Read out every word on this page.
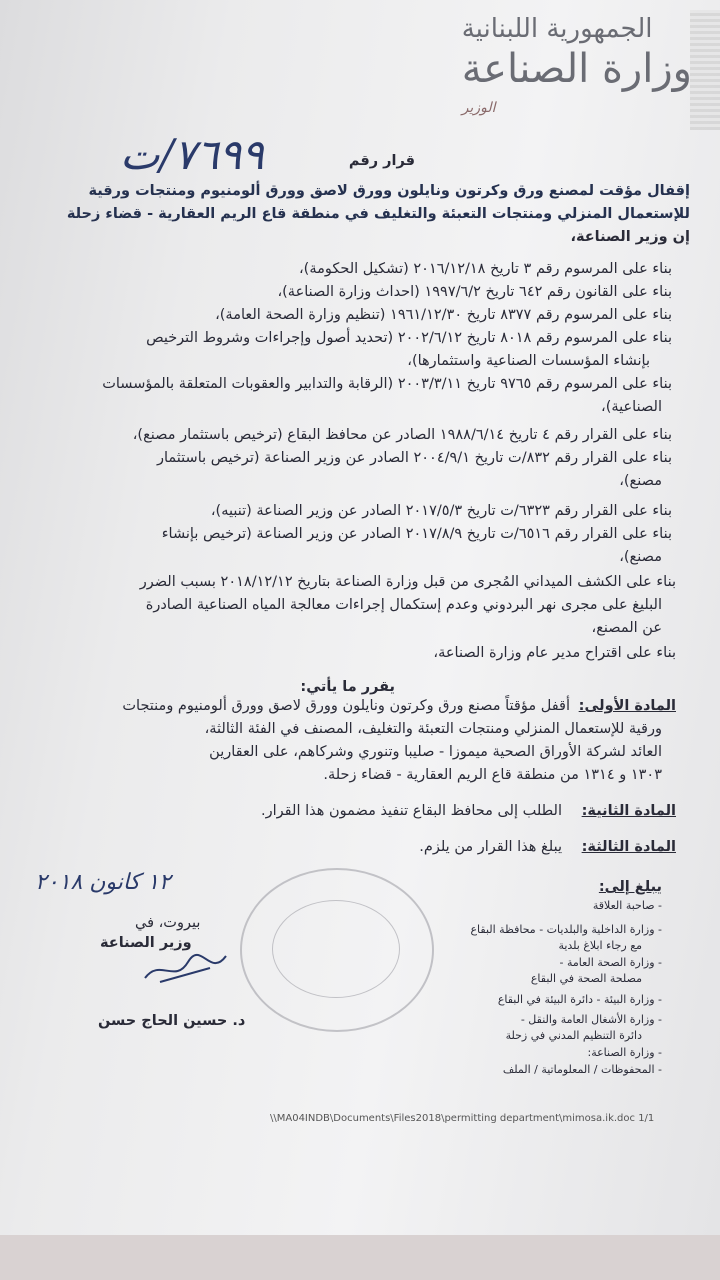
الجمهورية اللبنانية
وزارة الصناعة
الوزير
قرار رقم
٧٦٩٩/ت
إقفال مؤقت لمصنع ورق وكرتون ونايلون وورق لاصق وورق ألومنيوم ومنتجات ورقية
للإستعمال المنزلي ومنتجات التعبئة والتغليف في منطقة قاع الريم العقارية - قضاء زحلة
إن وزير الصناعة،
بناء على المرسوم رقم ٣ تاريخ ٢٠١٦/١٢/١٨ (تشكيل الحكومة)،
بناء على القانون رقم ٦٤٢ تاريخ ١٩٩٧/٦/٢ (احداث وزارة الصناعة)،
بناء على المرسوم رقم ٨٣٧٧ تاريخ ١٩٦١/١٢/٣٠ (تنظيم وزارة الصحة العامة)،
بناء على المرسوم رقم ٨٠١٨ تاريخ ٢٠٠٢/٦/١٢ (تحديد أصول وإجراءات وشروط الترخيص
بإنشاء المؤسسات الصناعية واستثمارها)،
بناء على المرسوم رقم ٩٧٦٥ تاريخ ٢٠٠٣/٣/١١ (الرقابة والتدابير والعقوبات المتعلقة بالمؤسسات
الصناعية)،
بناء على القرار رقم ٤ تاريخ ١٩٨٨/٦/١٤ الصادر عن محافظ البقاع (ترخيص باستثمار مصنع)،
بناء على القرار رقم ٨٣٢/ت تاريخ ٢٠٠٤/٩/١ الصادر عن وزير الصناعة (ترخيص باستثمار
مصنع)،
بناء على القرار رقم ٦٣٢٣/ت تاريخ ٢٠١٧/٥/٣ الصادر عن وزير الصناعة (تنبيه)،
بناء على القرار رقم ٦٥١٦/ت تاريخ ٢٠١٧/٨/٩ الصادر عن وزير الصناعة (ترخيص بإنشاء
مصنع)،
بناء على الكشف الميداني المُجرى من قبل وزارة الصناعة بتاريخ ٢٠١٨/١٢/١٢ بسبب الضرر
البليغ على مجرى نهر البردوني وعدم إستكمال إجراءات معالجة المياه الصناعية الصادرة
عن المصنع،
بناء على اقتراح مدير عام وزارة الصناعة،
يقرر ما يأتي:
المادة الأولى:
أقفل مؤقتاً مصنع ورق وكرتون ونايلون وورق لاصق وورق ألومنيوم ومنتجات
ورقية للإستعمال المنزلي ومنتجات التعبئة والتغليف، المصنف في الفئة الثالثة،
العائد لشركة الأوراق الصحية ميموزا - صليبا وتنوري وشركاهم، على العقارين
١٣٠٣ و ١٣١٤ من منطقة قاع الريم العقارية - قضاء زحلة.
المادة الثانية:
الطلب إلى محافظ البقاع تنفيذ مضمون هذا القرار.
المادة الثالثة:
يبلغ هذا القرار من يلزم.
١٢ كانون ٢٠١٨
بيروت، في
وزير الصناعة
د. حسين الحاج حسن
يبلغ إلى:
- صاحبة العلاقة
- وزارة الداخلية والبلديات - محافظة البقاع
مع رجاء ابلاغ بلدية
- وزارة الصحة العامة -
مصلحة الصحة في البقاع
- وزارة البيئة - دائرة البيئة في البقاع
- وزارة الأشغال العامة والنقل -
دائرة التنظيم المدني في زحلة
- وزارة الصناعة:
- المحفوظات / المعلوماتية / الملف
\\MA04INDB\Documents\Files2018\permitting department\mimosa.ik.doc 1/1
